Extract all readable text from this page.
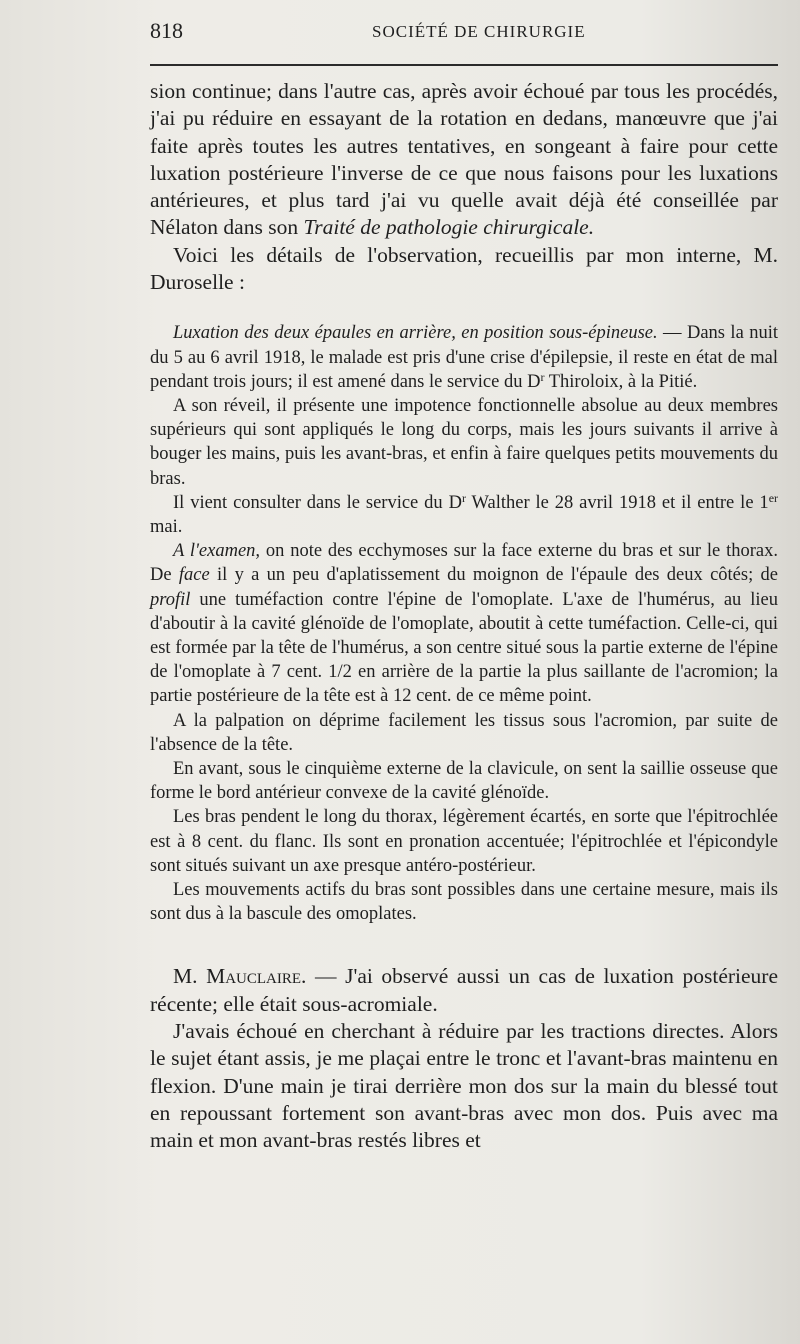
818	SOCIÉTÉ DE CHIRURGIE

sion continue; dans l'autre cas, après avoir échoué par tous les procédés, j'ai pu réduire en essayant de la rotation en dedans, manœuvre que j'ai faite après toutes les autres tentatives, en songeant à faire pour cette luxation postérieure l'inverse de ce que nous faisons pour les luxations antérieures, et plus tard j'ai vu quelle avait déjà été conseillée par Nélaton dans son Traité de pathologie chirurgicale.

Voici les détails de l'observation, recueillis par mon interne, M. Duroselle :

Luxation des deux épaules en arrière, en position sous-épineuse. — Dans la nuit du 5 au 6 avril 1918, le malade est pris d'une crise d'épilepsie, il reste en état de mal pendant trois jours; il est amené dans le service du $D^r$ Thiroloix, à la Pitié.

A son réveil, il présente une impotence fonctionnelle absolue au deux membres supérieurs qui sont appliqués le long du corps, mais les jours suivants il arrive à bouger les mains, puis les avant-bras, et enfin à faire quelques petits mouvements du bras.

Il vient consulter dans le service du $D^r$ Walther le 28 avril 1918 et il entre le 1er mai.

A l'examen, on note des ecchymoses sur la face externe du bras et sur le thorax. De face il y a un peu d'aplatissement du moignon de l'épaule des deux côtés; de profil une tuméfaction contre l'épine de l'omoplate. L'axe de l'humérus, au lieu d'aboutir à la cavité glénoïde de l'omoplate, aboutit à cette tuméfaction. Celle-ci, qui est formée par la tête de l'humérus, a son centre situé sous la partie externe de l'épine de l'omoplate à 7 cent. 1/2 en arrière de la partie la plus saillante de l'acromion; la partie postérieure de la tête est à 12 cent. de ce même point.

A la palpation on déprime facilement les tissus sous l'acromion, par suite de l'absence de la tête.

En avant, sous le cinquième externe de la clavicule, on sent la saillie osseuse que forme le bord antérieur convexe de la cavité glénoïde.

Les bras pendent le long du thorax, légèrement écartés, en sorte que l'épitrochlée est à 8 cent. du flanc. Ils sont en pronation accentuée; l'épitrochlée et l'épicondyle sont situés suivant un axe presque antéro-postérieur.

Les mouvements actifs du bras sont possibles dans une certaine mesure, mais ils sont dus à la bascule des omoplates.

M. Mauclaire. — J'ai observé aussi un cas de luxation postérieure récente; elle était sous-acromiale.

J'avais échoué en cherchant à réduire par les tractions directes. Alors le sujet étant assis, je me plaçai entre le tronc et l'avant-bras maintenu en flexion. D'une main je tirai derrière mon dos sur la main du blessé tout en repoussant fortement son avant-bras avec mon dos. Puis avec ma main et mon avant-bras restés libres et
